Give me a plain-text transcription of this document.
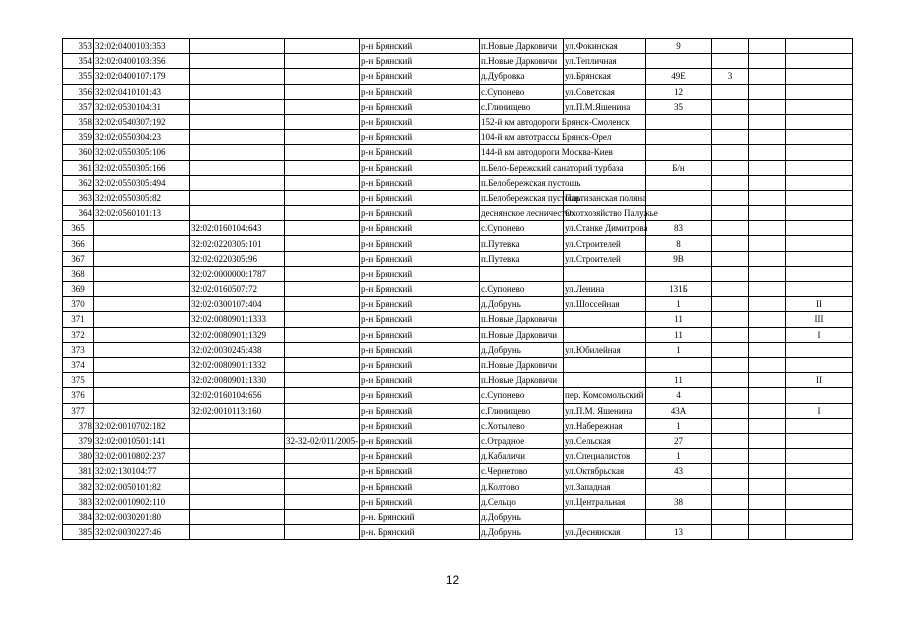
353	32:02:0400103:353			р-н Брянский	п.Новые Дарковичи	ул.Фокинская	9			
354	32:02:0400103:356			р-н Брянский	п.Новые Дарковичи	ул.Тепличная				
355	32:02:0400107:179			р-н Брянский	д.Дубровка	ул.Брянская	49Е	3		
356	32:02:0410101:43			р-н Брянский	с.Супонево	ул.Советская	12			
357	32:02:0530104:31			р-н Брянский	с.Глинищево	ул.П.М.Яшенина	35			
358	32:02:0540307:192			р-н Брянский	152-й км автодороги Брянск-Смоленск					
359	32:02:0550304:23			р-н Брянский	104-й км автотрассы Брянск-Орел					
360	32:02:0550305:106			р-н Брянский	144-й км автодороги Москва-Киев					
361	32:02:0550305:166			р-н Брянский	п.Бело-Бережский санаторий турбаза		Б/н			
362	32:02:0550305:494			р-н Брянский	п.Белобережская пустошь					
363	32:02:0550305:82			р-н Брянский	п.Белобережская пустошь	Партизанская поляна				
364	32:02:0560101:13			р-н Брянский	деснянское лесничество	Охотхозяйство Палужье				
365		32:02:0160104:643		р-н Брянский	с.Супонево	ул.Станке Димитрова	83			
366		32:02:0220305:101		р-н Брянский	п.Путевка	ул.Строителей	8			
367		32:02:0220305:96		р-н Брянский	п.Путевка	ул.Строителей	9В			
368		32:02:0000000:1787		р-н Брянский						
369		32:02:0160507:72		р-н Брянский	с.Супонево	ул.Ленина	131Б			
370		32:02:0300107:404		р-н Брянский	д.Добрунь	ул.Шоссейная	1			II
371		32:02:0080901:1333		р-н Брянский	п.Новые Дарковичи		11			III
372		32:02:0080901:1329		р-н Брянский	п.Новые Дарковичи		11			I
373		32:02:0030245:438		р-н Брянский	д.Добрунь	ул.Юбилейная	1			
374		32:02:0080901:1332		р-н Брянский	п.Новые Дарковичи					
375		32:02:0080901:1330		р-н Брянский	п.Новые Дарковичи		11			II
376		32:02:0160104:656		р-н Брянский	с.Супонево	пер. Комсомольский	4			
377		32:02:0010113:160		р-н Брянский	с.Глинищево	ул.П.М. Яшенина	43А			I
378	32:02:0010702:182			р-н Брянский	с.Хотылево	ул.Набережная	1			
379	32:02:0010501:141		32-32-02/011/2005-	р-н Брянский	с.Отрадное	ул.Сельская	27			
380	32:02:0010802:237			р-н Брянский	д.Кабаличи	ул.Специалистов	1			
381	32:02:130104:77			р-н Брянский	с.Чернетово	ул.Октябрьская	43			
382	32:02:0050101:82			р-н Брянский	д.Колтово	ул.Западная				
383	32:02:0010902:110			р-н Брянский	д.Сельцо	ул.Центральная	38			
384	32:02:0030201:80			р-н. Брянский	д.Добрунь					
385	32:02:0030227:46			р-н. Брянский	д.Добрунь	ул.Деснянская	13			
12
